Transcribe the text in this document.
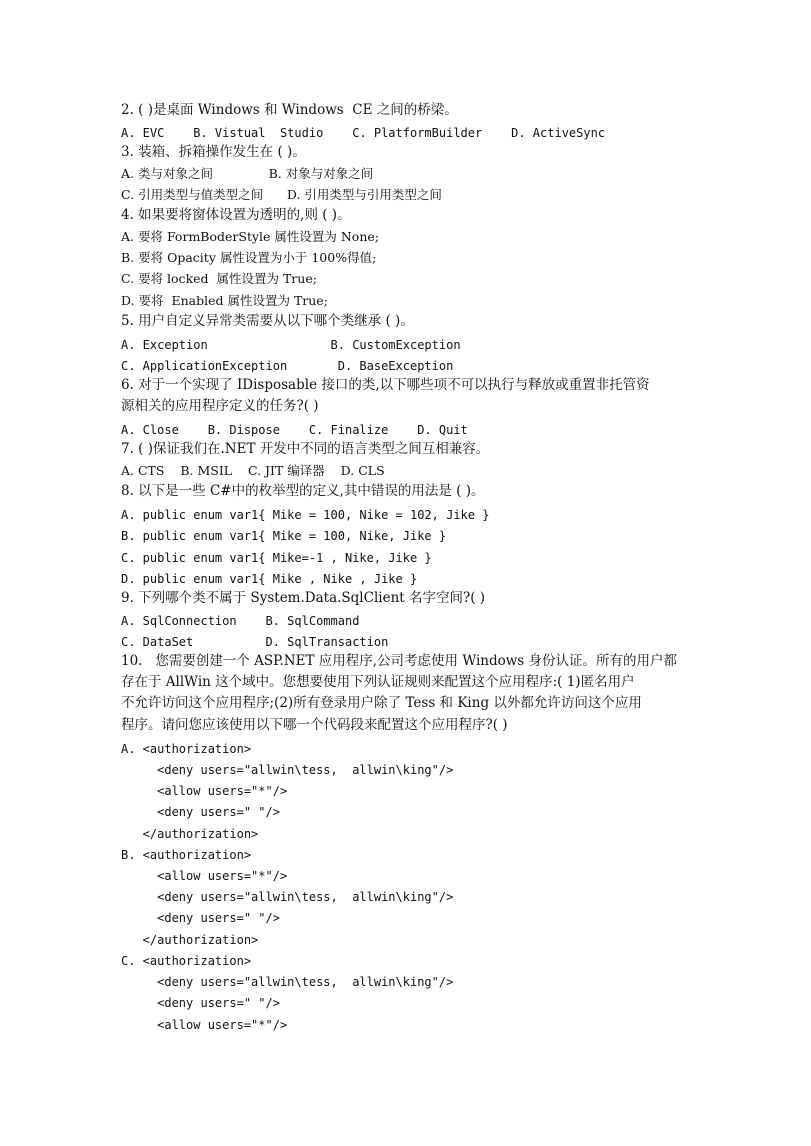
2. ( )是桌面 Windows 和 Windows  CE 之间的桥梁。
A. EVC    B. Vistual  Studio    C. PlatformBuilder    D. ActiveSync
3. 装箱、拆箱操作发生在 ( )。
A. 类与对象之间              B. 对象与对象之间
C. 引用类型与值类型之间      D. 引用类型与引用类型之间
4. 如果要将窗体设置为透明的,则 ( )。
A. 要将 FormBoderStyle 属性设置为 None;
B. 要将 Opacity 属性设置为小于 100%得值;
C. 要将 locked  属性设置为 True;
D. 要将  Enabled 属性设置为 True;
5. 用户自定义异常类需要从以下哪个类继承 ( )。
A. Exception                 B. CustomException
C. ApplicationException       D. BaseException
6. 对于一个实现了 IDisposable 接口的类,以下哪些项不可以执行与释放或重置非托管资
源相关的应用程序定义的任务?( )
A. Close    B. Dispose    C. Finalize    D. Quit
7. ( )保证我们在.NET 开发中不同的语言类型之间互相兼容。
A. CTS    B. MSIL    C. JIT 编译器    D. CLS
8. 以下是一些 C#中的枚举型的定义,其中错误的用法是 ( )。
A. public enum var1{ Mike = 100, Nike = 102, Jike }
B. public enum var1{ Mike = 100, Nike, Jike }
C. public enum var1{ Mike=-1 , Nike, Jike }
D. public enum var1{ Mike , Nike , Jike }
9. 下列哪个类不属于 System.Data.SqlClient 名字空间?( )
A. SqlConnection    B. SqlCommand
C. DataSet          D. SqlTransaction
10.   您需要创建一个 ASP.NET 应用程序,公司考虑使用 Windows 身份认证。所有的用户都
存在于 AllWin 这个域中。您想要使用下列认证规则来配置这个应用程序:( 1)匿名用户
不允许访问这个应用程序;(2)所有登录用户除了 Tess 和 King 以外都允许访问这个应用
程序。请问您应该使用以下哪一个代码段来配置这个应用程序?( )
A. <authorization>
<deny users="allwin\tess,  allwin\king"/>
<allow users="*"/>
<deny users=" "/>
</authorization>
B. <authorization>
<allow users="*"/>
<deny users="allwin\tess,  allwin\king"/>
<deny users=" "/>
</authorization>
C. <authorization>
<deny users="allwin\tess,  allwin\king"/>
<deny users=" "/>
<allow users="*"/>
